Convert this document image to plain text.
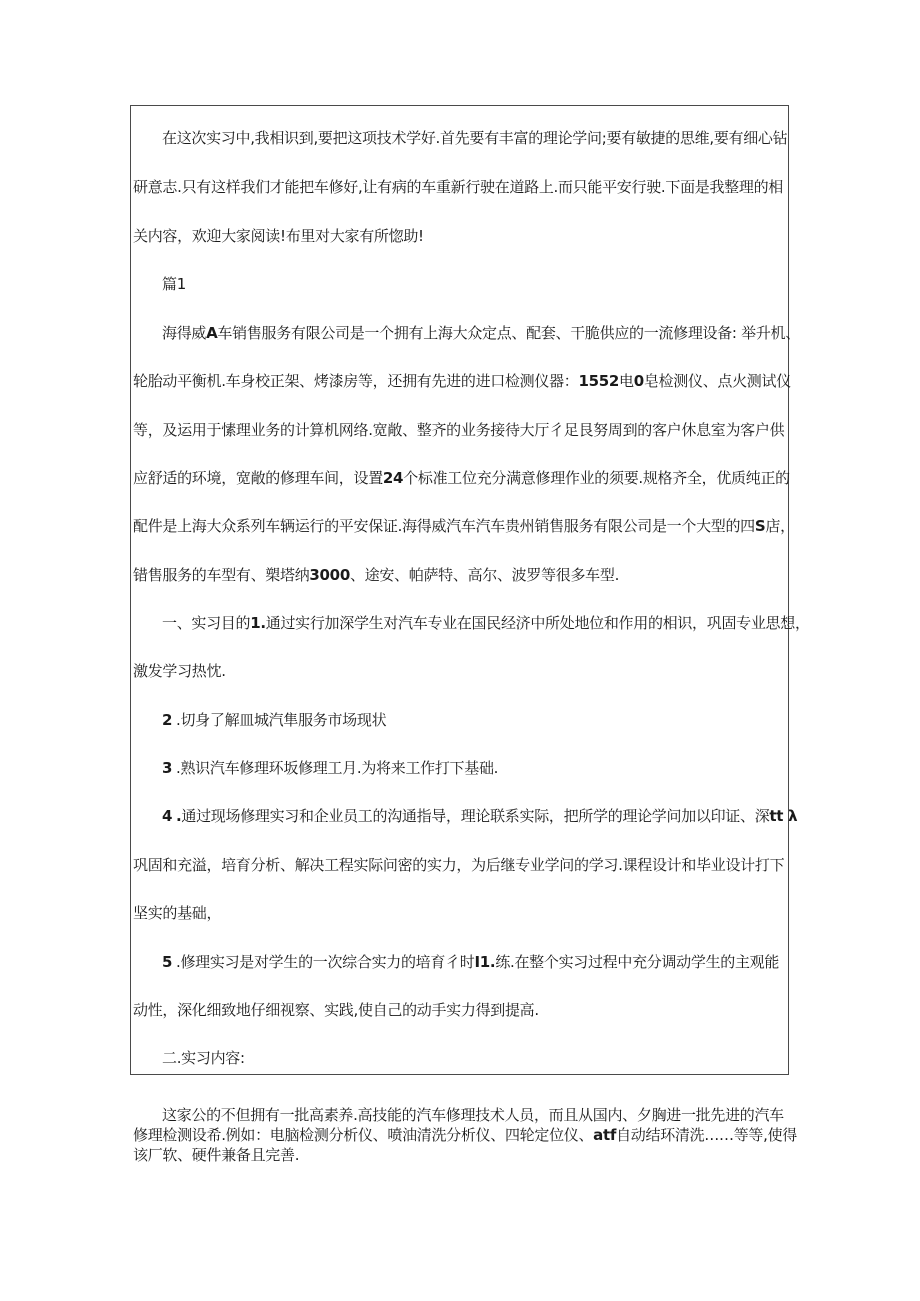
在这次实习中,我相识到,要把这项技术学好.首先要有丰富的理论学问;要有敏捷的思维,要有细心钻
研意志.只有这样我们才能把车修好,让有病的车重新行驶在道路上.而只能平安行驶.下面是我整理的相
关内容，欢迎大家阅读!布里对大家有所惚助!
篇1
海得威A车销售服务有限公司是一个拥有上海大众定点、配套、干脆供应的一流修理设备: 举升机、
轮胎动平衡机.车身校正架、烤漆房等，还拥有先进的进口检测仪器：1552电0皂检测仪、点火测试仪
等，及运用于愫理业务的计算机网络.宽敞、整齐的业务接待大厅彳足艮努周到的客户休息室为客户供
应舒适的环境，宽敞的修理车间，设置24个标准工位充分满意修理作业的须要.规格齐全，优质纯正的
配件是上海大众系列车辆运行的平安保证.海得威汽车汽车贵州销售服务有限公司是一个大型的四S店，
错售服务的车型有、槊塔纳3000、途安、帕萨特、高尔、波罗等很多车型.
一、实习目的1.通过实行加深学生对汽车专业在国民经济中所处地位和作用的相识，巩固专业思想，
激发学习热忱.
2 .切身了解皿城汽隼服务市场现状
3 .熟识汽车修理环坂修理工月.为将来工作打下基础.
4 .通过现场修理实习和企业员工的沟通指导，理论联系实际，把所学的理论学问加以印证、深tt λ
巩固和充溢，培育分析、解决工程实际问密的实力，为后继专业学问的学习.课程设计和毕业设计打下
坚实的基础，
5 .修理实习是对学生的一次综合实力的培育彳时I1.练.在整个实习过程中充分调动学生的主观能
动性，深化细致地仔细视察、实践,使自己的动手实力得到提高.
二.实习内容:
这家公的不但拥有一批高素养.高技能的汽车修理技术人员，而且从国内、夕胸进一批先进的汽车
修理检测设希.例如：电脑检测分析仪、喷油清洗分析仪、四轮定位仪、atf自动结环清洗……等等,使得
该厂软、硬件兼备且完善.
